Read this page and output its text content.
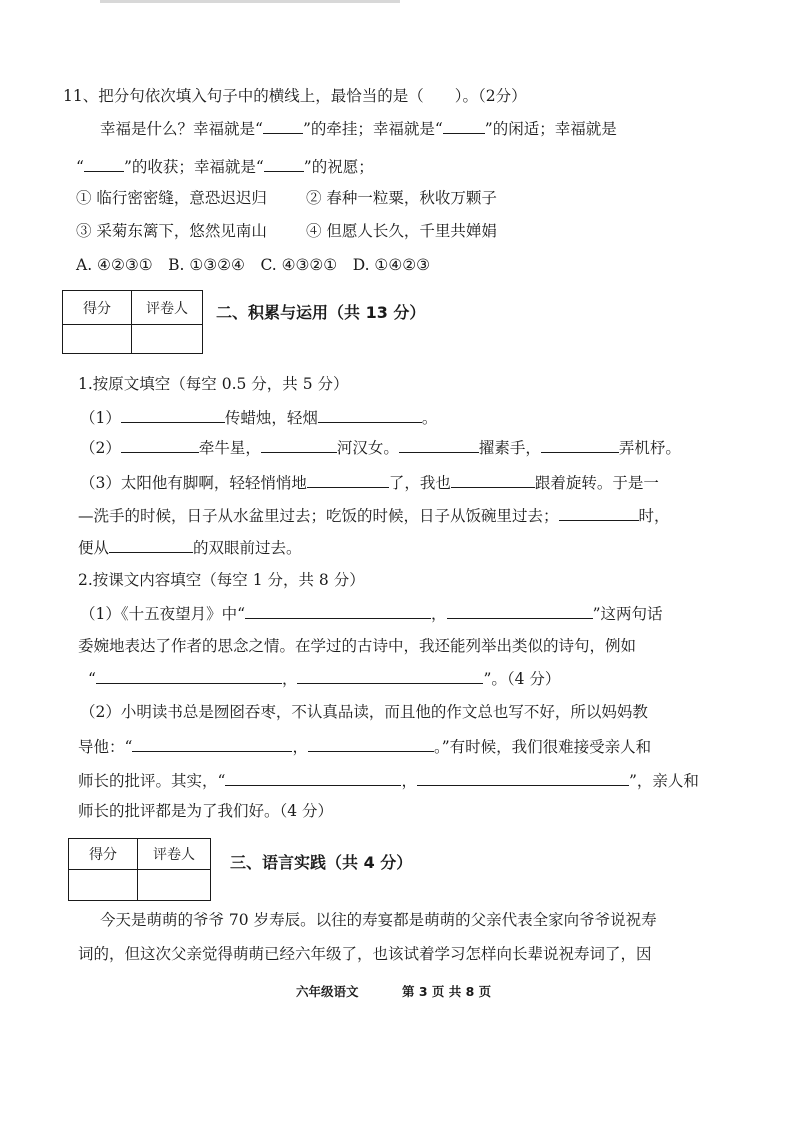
11、把分句依次填入句子中的横线上，最恰当的是（　　）。（2分）
幸福是什么？幸福就是“	”的牵挂；幸福就是“	”的闲适；幸福就是
“	”的收获；幸福就是“	”的祝愿；
① 临行密密缝，意恐迟迟归	② 春种一粒粟，秋收万颗子
③ 采菊东篱下，悠然见南山	④ 但愿人长久，千里共婵娟
A. ④②③①　B. ①③②④　C. ④③②①　D. ①④②③
得分	评卷人
	二、积累与运用（共 13 分）
1.按原文填空（每空 0.5 分，共 5 分）
（1）	传蜡烛，轻烟	。
（2）	牵牛星，	河汉女。	擢素手，	弄机杼。
（3）太阳他有脚啊，轻轻悄悄地	了，我也	跟着旋转。于是一
—洗手的时候，日子从水盆里过去；吃饭的时候，日子从饭碗里过去；	时，
便从	的双眼前过去。
2.按课文内容填空（每空 1 分，共 8 分）
（1）《十五夜望月》中“	，	”这两句话
委婉地表达了作者的思念之情。在学过的古诗中，我还能列举出类似的诗句，例如
“	，	”。（4 分）
（2）小明读书总是囫囵吞枣，不认真品读，而且他的作文总也写不好，所以妈妈教
导他：“	，	。”有时候，我们很难接受亲人和
师长的批评。其实，“	，	”，亲人和
师长的批评都是为了我们好。（4 分）
得分	评卷人
	三、语言实践（共 4 分）
今天是萌萌的爷爷 70 岁寿辰。以往的寿宴都是萌萌的父亲代表全家向爷爷说祝寿
词的，但这次父亲觉得萌萌已经六年级了，也该试着学习怎样向长辈说祝寿词了，因
六年级语文	第 3 页 共 8 页
